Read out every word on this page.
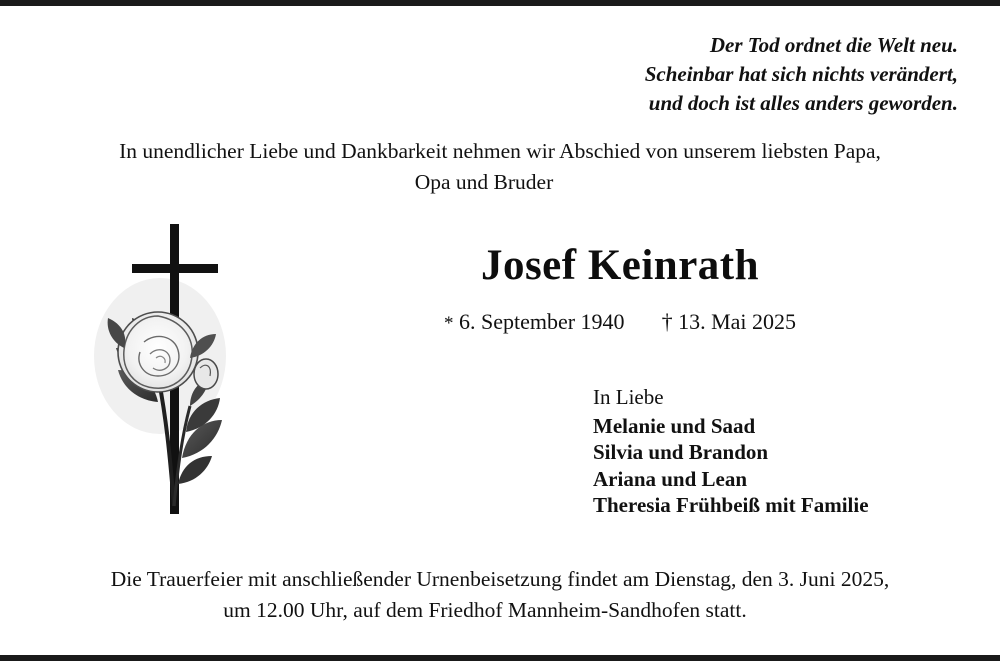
Der Tod ordnet die Welt neu.
Scheinbar hat sich nichts verändert,
und doch ist alles anders geworden.
In unendlicher Liebe und Dankbarkeit nehmen wir Abschied von unserem liebsten Papa,
Opa und Bruder
Josef Keinrath
* 6. September 1940 † 13. Mai 2025
In Liebe
Melanie und Saad
Silvia und Brandon
Ariana und Lean
Theresia Frühbeiß mit Familie
Die Trauerfeier mit anschließender Urnenbeisetzung findet am Dienstag, den 3. Juni 2025,
um 12.00 Uhr, auf dem Friedhof Mannheim-Sandhofen statt.
